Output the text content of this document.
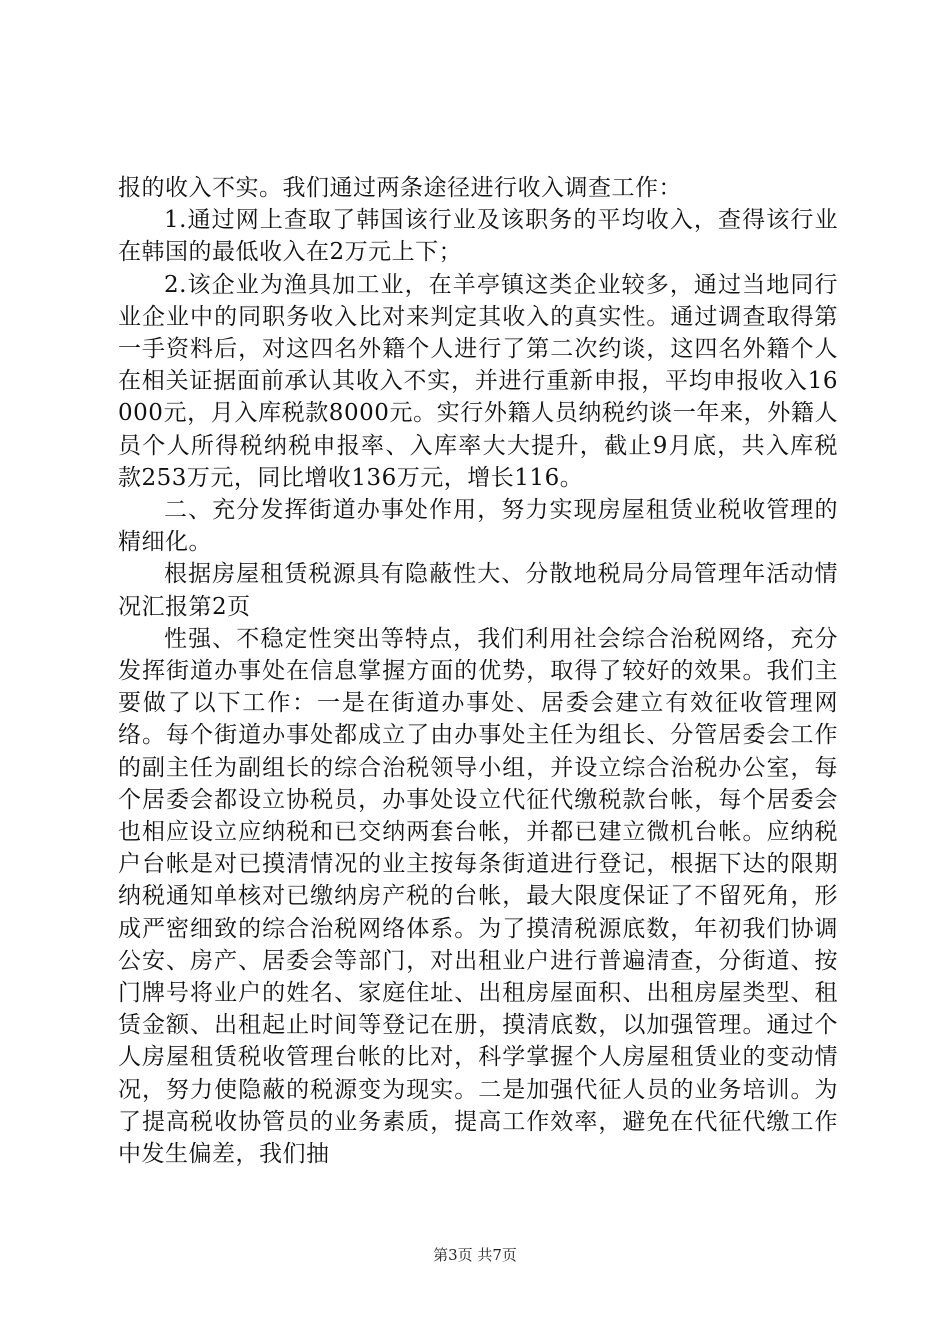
报的收入不实。我们通过两条途径进行收入调查工作：

1.通过网上查取了韩国该行业及该职务的平均收入，查得该行业在韩国的最低收入在2万元上下；

2.该企业为渔具加工业，在羊亭镇这类企业较多，通过当地同行业企业中的同职务收入比对来判定其收入的真实性。通过调查取得第一手资料后，对这四名外籍个人进行了第二次约谈，这四名外籍个人在相关证据面前承认其收入不实，并进行重新申报，平均申报收入16000元，月入库税款8000元。实行外籍人员纳税约谈一年来，外籍人员个人所得税纳税申报率、入库率大大提升，截止9月底，共入库税款253万元，同比增收136万元，增长116。

二、充分发挥街道办事处作用，努力实现房屋租赁业税收管理的精细化。

根据房屋租赁税源具有隐蔽性大、分散地税局分局管理年活动情况汇报第2页

性强、不稳定性突出等特点，我们利用社会综合治税网络，充分发挥街道办事处在信息掌握方面的优势，取得了较好的效果。我们主要做了以下工作：一是在街道办事处、居委会建立有效征收管理网络。每个街道办事处都成立了由办事处主任为组长、分管居委会工作的副主任为副组长的综合治税领导小组，并设立综合治税办公室，每个居委会都设立协税员，办事处设立代征代缴税款台帐，每个居委会也相应设立应纳税和已交纳两套台帐，并都已建立微机台帐。应纳税户台帐是对已摸清情况的业主按每条街道进行登记，根据下达的限期纳税通知单核对已缴纳房产税的台帐，最大限度保证了不留死角，形成严密细致的综合治税网络体系。为了摸清税源底数，年初我们协调公安、房产、居委会等部门，对出租业户进行普遍清查，分街道、按门牌号将业户的姓名、家庭住址、出租房屋面积、出租房屋类型、租赁金额、出租起止时间等登记在册，摸清底数，以加强管理。通过个人房屋租赁税收管理台帐的比对，科学掌握个人房屋租赁业的变动情况，努力使隐蔽的税源变为现实。二是加强代征人员的业务培训。为了提高税收协管员的业务素质，提高工作效率，避免在代征代缴工作中发生偏差，我们抽

第3页 共7页
